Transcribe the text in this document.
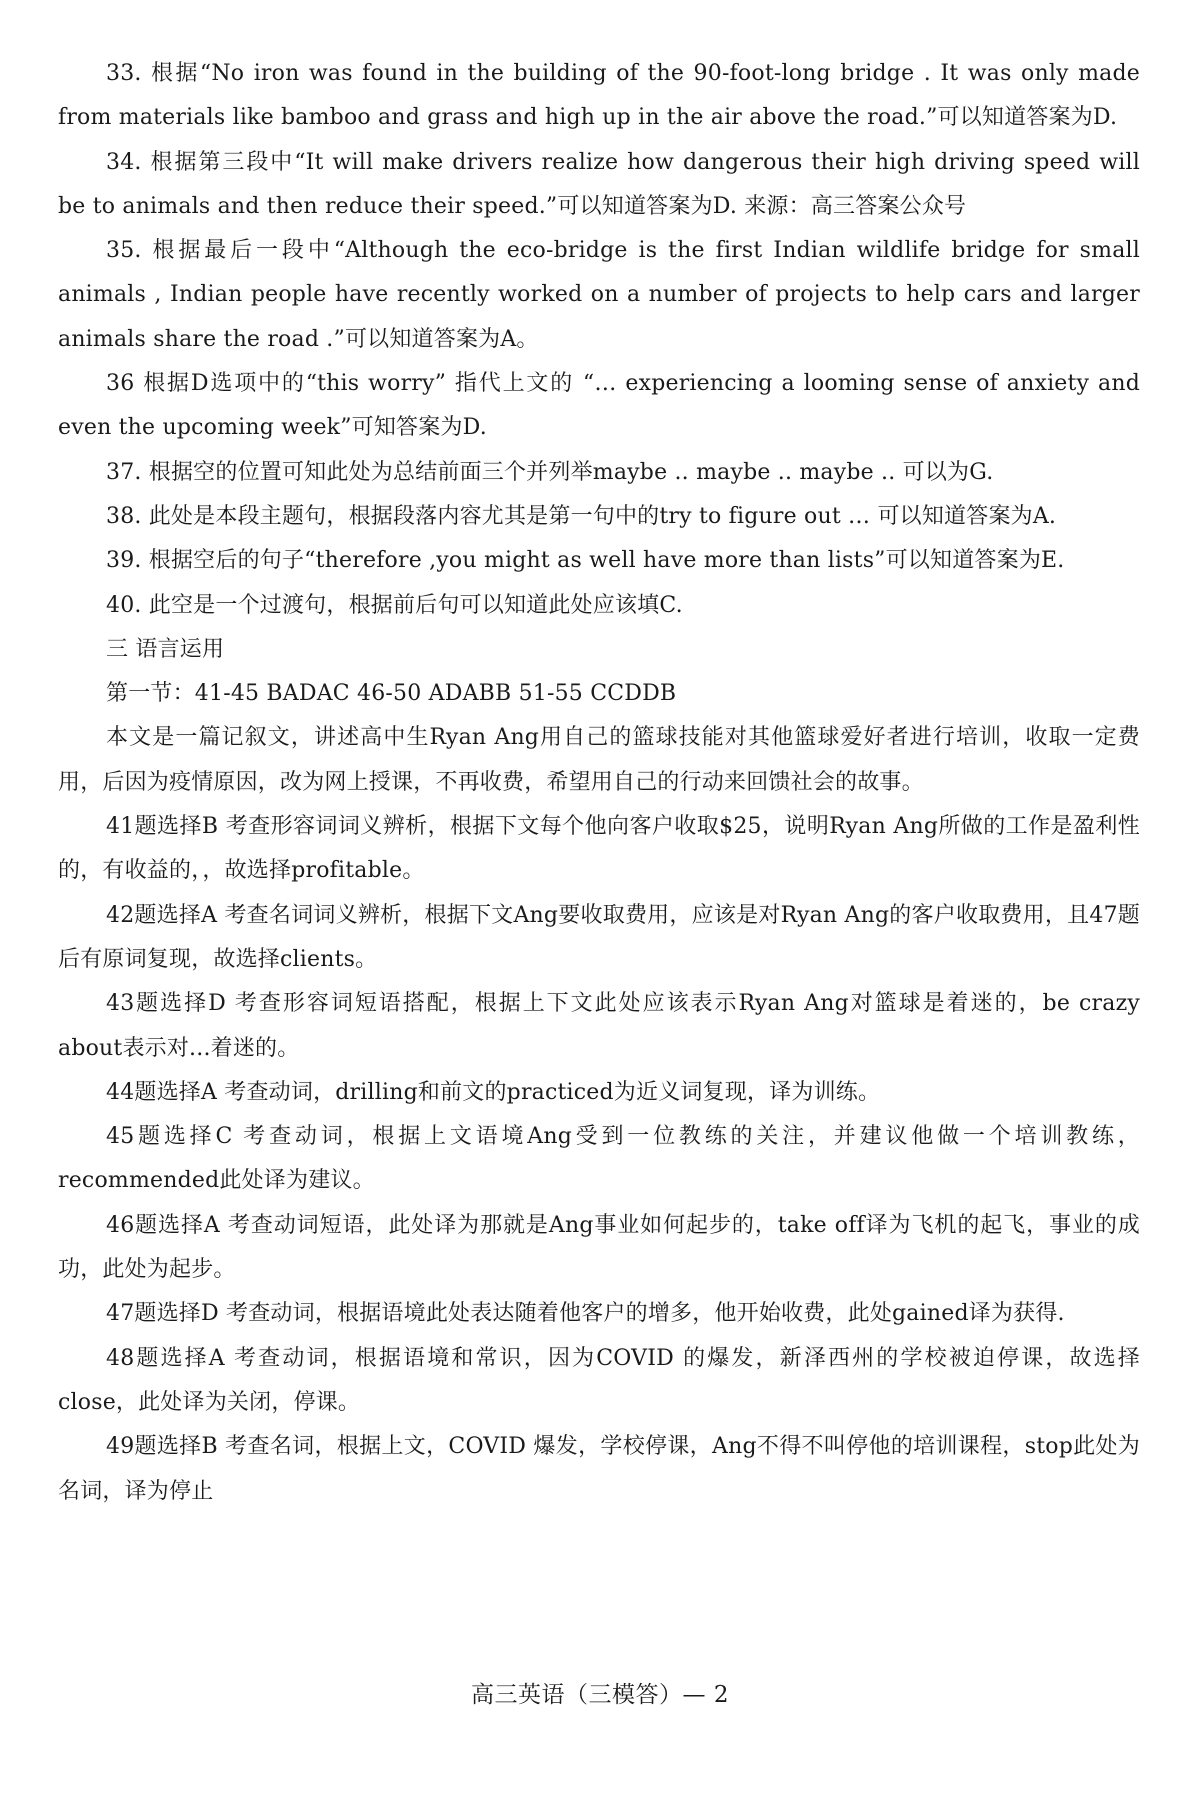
33. 根据“No iron was found in the building of the 90-foot-long bridge . It was only made from materials like bamboo and grass and high up in the air above the road.”可以知道答案为D.

34. 根据第三段中“It will make drivers realize how dangerous their high driving speed will be to animals and then reduce their speed.”可以知道答案为D. 来源：高三答案公众号

35. 根据最后一段中“Although the eco-bridge is the first Indian wildlife bridge for small animals , Indian people have recently worked on a number of projects to help cars and larger animals share the road .”可以知道答案为A。

36 根据D选项中的“this worry” 指代上文的 “… experiencing a looming sense of anxiety and even the upcoming week”可知答案为D.

37. 根据空的位置可知此处为总结前面三个并列举maybe .. maybe .. maybe .. 可以为G.

38. 此处是本段主题句，根据段落内容尤其是第一句中的try to figure out … 可以知道答案为A.

39. 根据空后的句子“therefore ,you might as well have more than lists”可以知道答案为E.

40. 此空是一个过渡句，根据前后句可以知道此处应该填C.

三 语言运用

第一节：41-45 BADAC 46-50 ADABB 51-55 CCDDB

本文是一篇记叙文，讲述高中生Ryan Ang用自己的篮球技能对其他篮球爱好者进行培训，收取一定费用，后因为疫情原因，改为网上授课，不再收费，希望用自己的行动来回馈社会的故事。

41题选择B 考查形容词词义辨析，根据下文每个他向客户收取$25，说明Ryan Ang所做的工作是盈利性的，有收益的，，故选择profitable。

42题选择A 考查名词词义辨析，根据下文Ang要收取费用，应该是对Ryan Ang的客户收取费用，且47题后有原词复现，故选择clients。

43题选择D 考查形容词短语搭配，根据上下文此处应该表示Ryan Ang对篮球是着迷的，be crazy about表示对...着迷的。

44题选择A 考查动词，drilling和前文的practiced为近义词复现，译为训练。

45题选择C 考查动词，根据上文语境Ang受到一位教练的关注，并建议他做一个培训教练，recommended此处译为建议。

46题选择A 考查动词短语，此处译为那就是Ang事业如何起步的，take off译为飞机的起飞，事业的成功，此处为起步。

47题选择D 考查动词，根据语境此处表达随着他客户的增多，他开始收费，此处gained译为获得.

48题选择A 考查动词，根据语境和常识，因为COVID 的爆发，新泽西州的学校被迫停课，故选择close，此处译为关闭，停课。

49题选择B 考查名词，根据上文，COVID 爆发，学校停课，Ang不得不叫停他的培训课程，stop此处为名词，译为停止

高三英语（三模答）— 2
